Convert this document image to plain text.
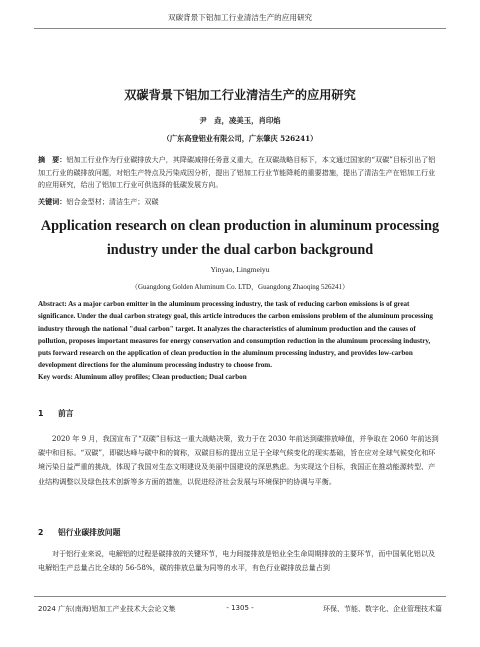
双碳背景下铝加工行业清洁生产的应用研究
双碳背景下铝加工行业清洁生产的应用研究
尹　垚，凌美玉，肖印焰
（广东高登铝业有限公司，广东肇庆 526241）
摘　要：铝加工行业作为行业碳排放大户，其降碳减排任务意义重大，在双碳战略目标下，本文通过国家的“双碳”目标引出了铝加工行业的碳排放问题，对铝生产特点及污染成因分析，提出了铝加工行业节能降耗的重要措施，提出了清洁生产在铝加工行业的应用研究，给出了铝加工行业可供选择的低碳发展方向。
关键词：铝合金型材；清洁生产；双碳
Application research on clean production in aluminum processing industry under the dual carbon background
Yinyao, Lingmeiyu
（Guangdong Golden Aluminum Co. LTD，Guangdong Zhaoqing 526241）
Abstract: As a major carbon emitter in the aluminum processing industry, the task of reducing carbon emissions is of great significance. Under the dual carbon strategy goal, this article introduces the carbon emissions problem of the aluminum processing industry through the national "dual carbon" target. It analyzes the characteristics of aluminum production and the causes of pollution, proposes important measures for energy conservation and consumption reduction in the aluminum processing industry, puts forward research on the application of clean production in the aluminum processing industry, and provides low-carbon development directions for the aluminum processing industry to choose from.
Key words: Aluminum alloy profiles; Clean production; Dual carbon
1 前言
2020 年 9 月，我国宣布了“双碳”目标这一重大战略决策，致力于在 2030 年前达到碳排放峰值，并争取在 2060 年前达到碳中和目标。“双碳”，即碳达峰与碳中和的简称，双碳目标的提出立足于全球气候变化的现实基础，旨在应对全球气候变化和环境污染日益严重的挑战，体现了我国对生态文明建设及美丽中国建设的深思熟虑。为实现这个目标，我国正在推动能源转型、产业结构调整以及绿色技术创新等多方面的措施，以促进经济社会发展与环境保护的协调与平衡。
2 铝行业碳排放问题
对于铝行业来说，电解铝的过程是碳排放的关键环节，电力间接排放是铝业全生命周期排放的主要环节，而中国氧化铝以及电解铝生产总量占比全球的 56-58%，碳的排放总量为同等的水平，有色行业碳排放总量占到
2024 广东(南海)铝加工产业技术大会论文集	- 1305 -	环保、节能、数字化、企业管理技术篇
